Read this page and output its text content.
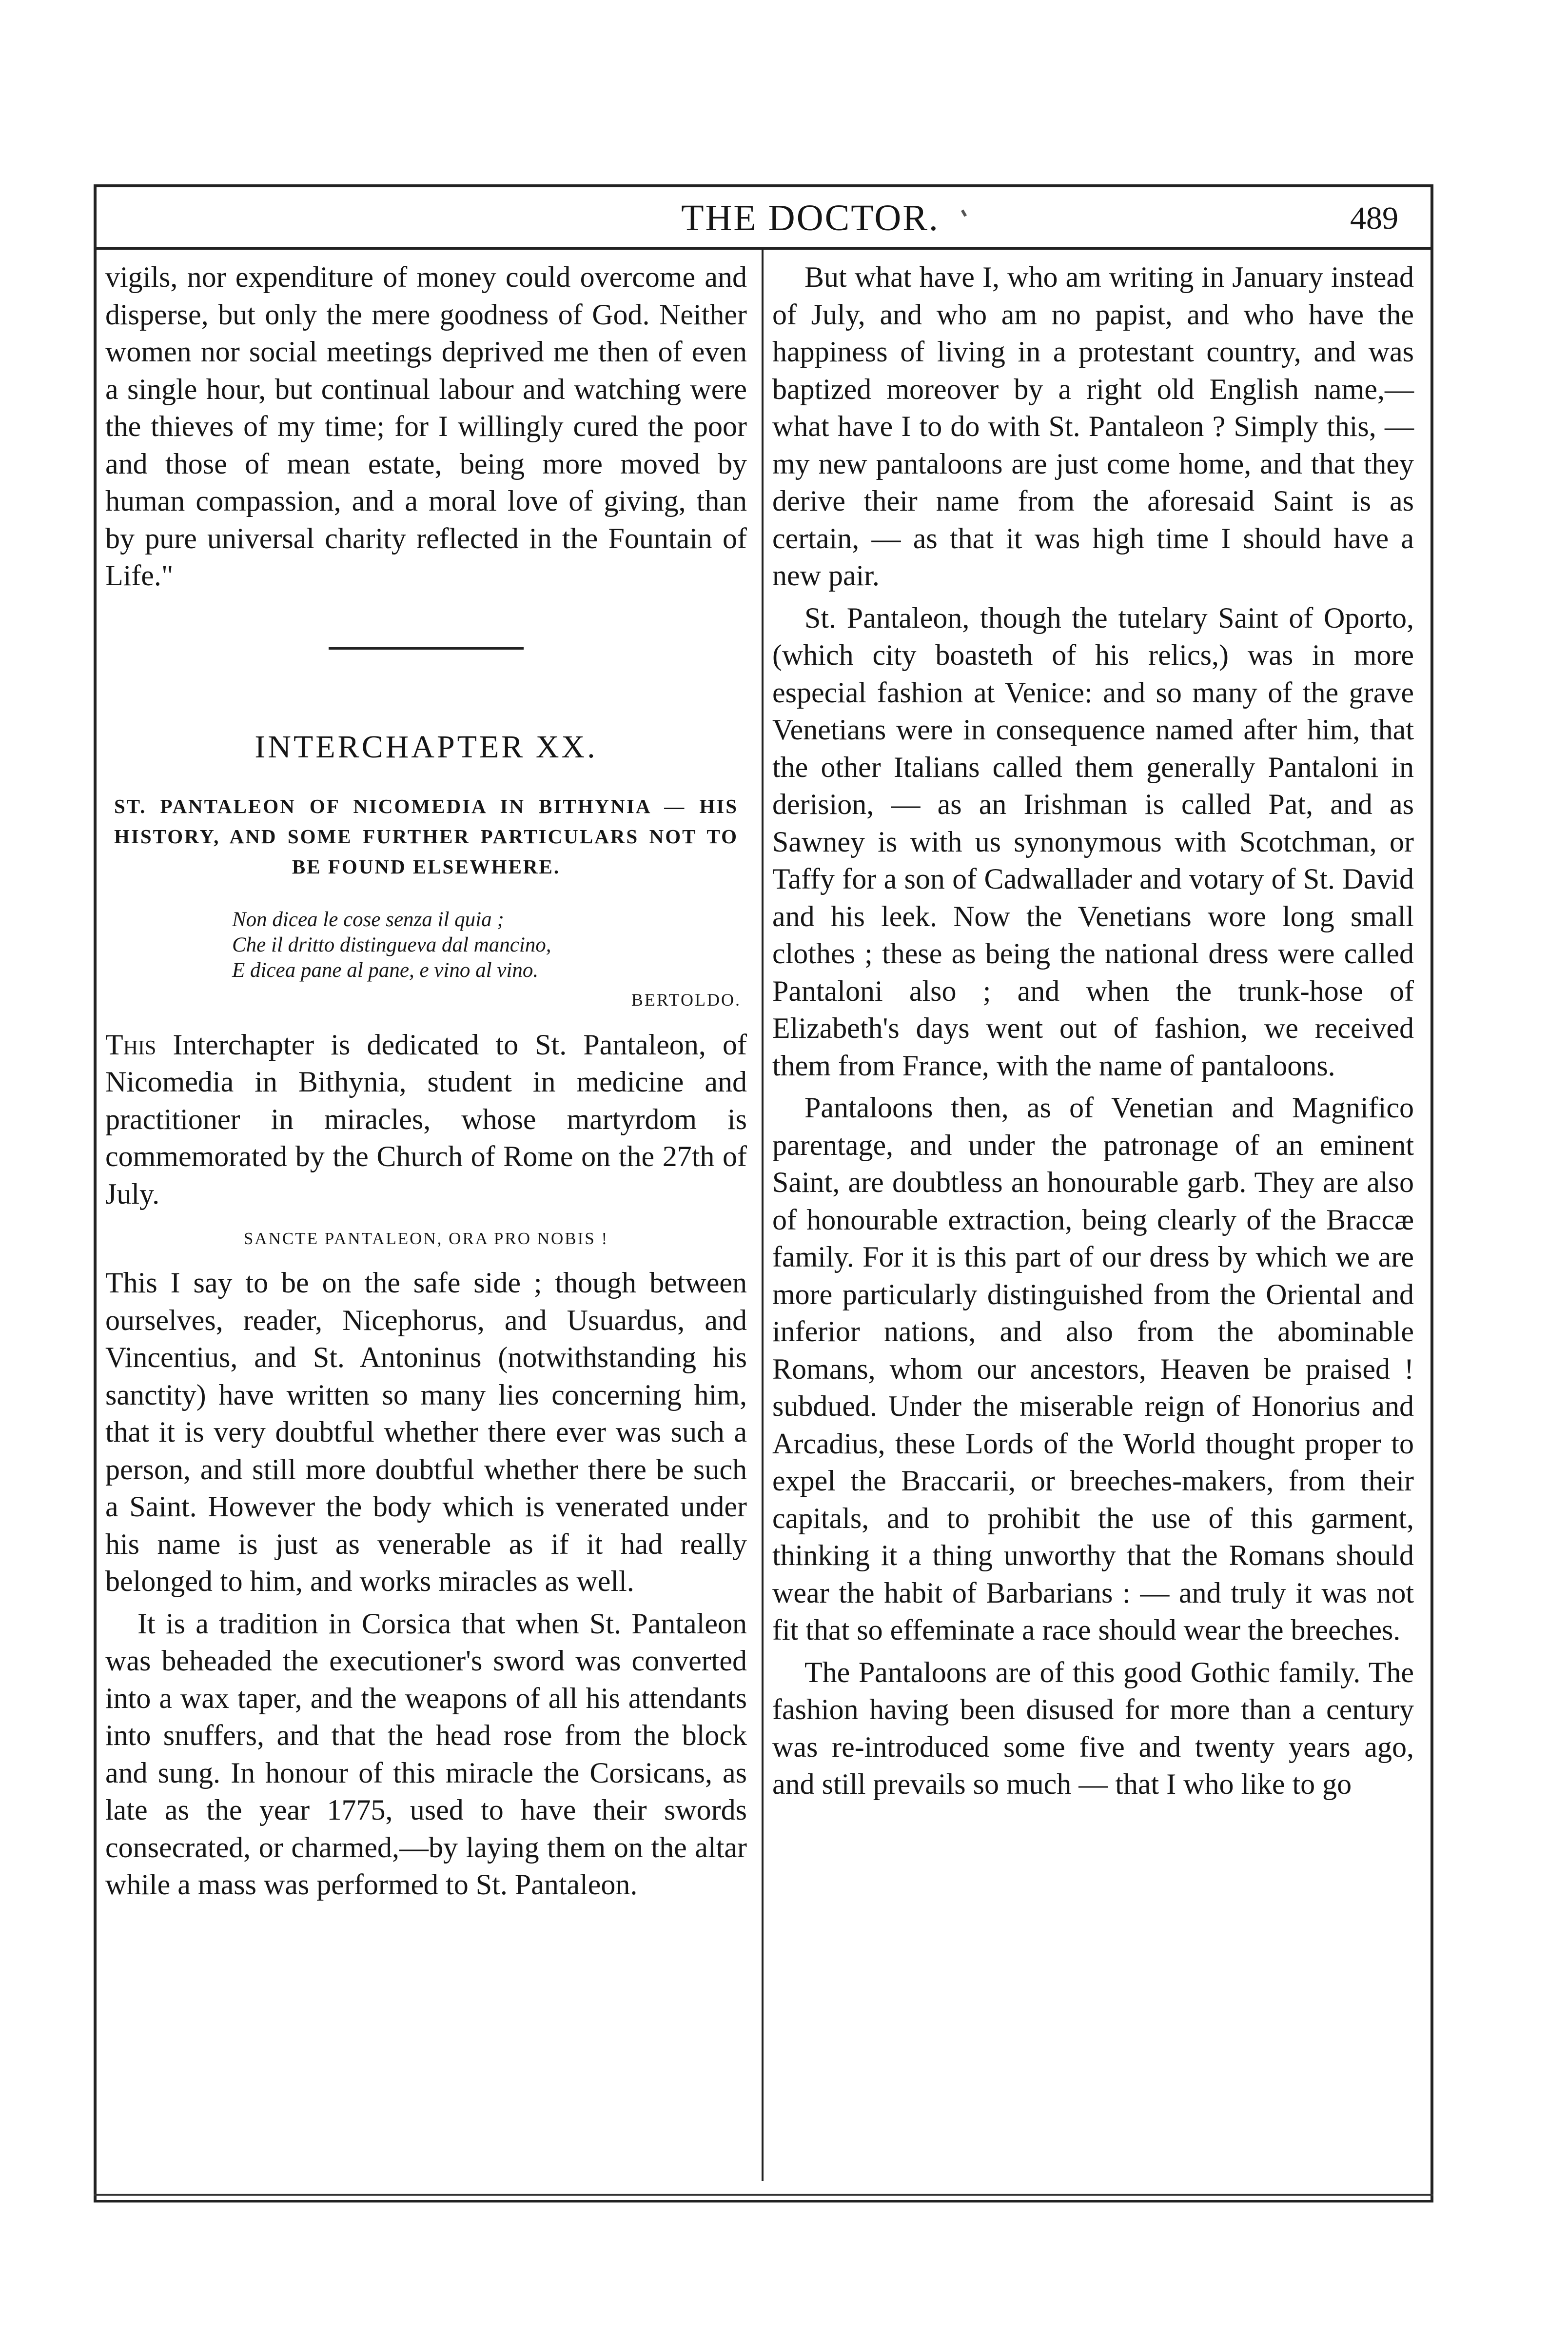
THE DOCTOR.	489

vigils, nor expenditure of money could overcome and disperse, but only the mere goodness of God. Neither women nor social meetings deprived me then of even a single hour, but continual labour and watching were the thieves of my time; for I willingly cured the poor and those of mean estate, being more moved by human compassion, and a moral love of giving, than by pure universal charity reflected in the Fountain of Life."

INTERCHAPTER XX.
ST. PANTALEON OF NICOMEDIA IN BITHYNIA — HIS HISTORY, AND SOME FURTHER PARTICULARS NOT TO BE FOUND ELSEWHERE.
Non dicea le cose senza il quia ;
Che il dritto distingueva dal mancino,
E dicea pane al pane, e vino al vino.
BERTOLDO.

This Interchapter is dedicated to St. Pantaleon, of Nicomedia in Bithynia, student in medicine and practitioner in miracles, whose martyrdom is commemorated by the Church of Rome on the 27th of July.

SANCTE PANTALEON, ORA PRO NOBIS !

This I say to be on the safe side ; though between ourselves, reader, Nicephorus, and Usuardus, and Vincentius, and St. Antoninus (notwithstanding his sanctity) have written so many lies concerning him, that it is very doubtful whether there ever was such a person, and still more doubtful whether there be such a Saint. However the body which is venerated under his name is just as venerable as if it had really belonged to him, and works miracles as well.

It is a tradition in Corsica that when St. Pantaleon was beheaded the executioner's sword was converted into a wax taper, and the weapons of all his attendants into snuffers, and that the head rose from the block and sung. In honour of this miracle the Corsicans, as late as the year 1775, used to have their swords consecrated, or charmed,—by laying them on the altar while a mass was performed to St. Pantaleon.

But what have I, who am writing in January instead of July, and who am no papist, and who have the happiness of living in a protestant country, and was baptized moreover by a right old English name,—what have I to do with St. Pantaleon ? Simply this, — my new pantaloons are just come home, and that they derive their name from the aforesaid Saint is as certain, — as that it was high time I should have a new pair.

St. Pantaleon, though the tutelary Saint of Oporto, (which city boasteth of his relics,) was in more especial fashion at Venice: and so many of the grave Venetians were in consequence named after him, that the other Italians called them generally Pantaloni in derision, — as an Irishman is called Pat, and as Sawney is with us synonymous with Scotchman, or Taffy for a son of Cadwallader and votary of St. David and his leek. Now the Venetians wore long small clothes ; these as being the national dress were called Pantaloni also ; and when the trunk-hose of Elizabeth's days went out of fashion, we received them from France, with the name of pantaloons.

Pantaloons then, as of Venetian and Magnifico parentage, and under the patronage of an eminent Saint, are doubtless an honourable garb. They are also of honourable extraction, being clearly of the Braccæ family. For it is this part of our dress by which we are more particularly distinguished from the Oriental and inferior nations, and also from the abominable Romans, whom our ancestors, Heaven be praised ! subdued. Under the miserable reign of Honorius and Arcadius, these Lords of the World thought proper to expel the Braccarii, or breeches-makers, from their capitals, and to prohibit the use of this garment, thinking it a thing unworthy that the Romans should wear the habit of Barbarians : — and truly it was not fit that so effeminate a race should wear the breeches.

The Pantaloons are of this good Gothic family. The fashion having been disused for more than a century was re-introduced some five and twenty years ago, and still prevails so much — that I who like to go
